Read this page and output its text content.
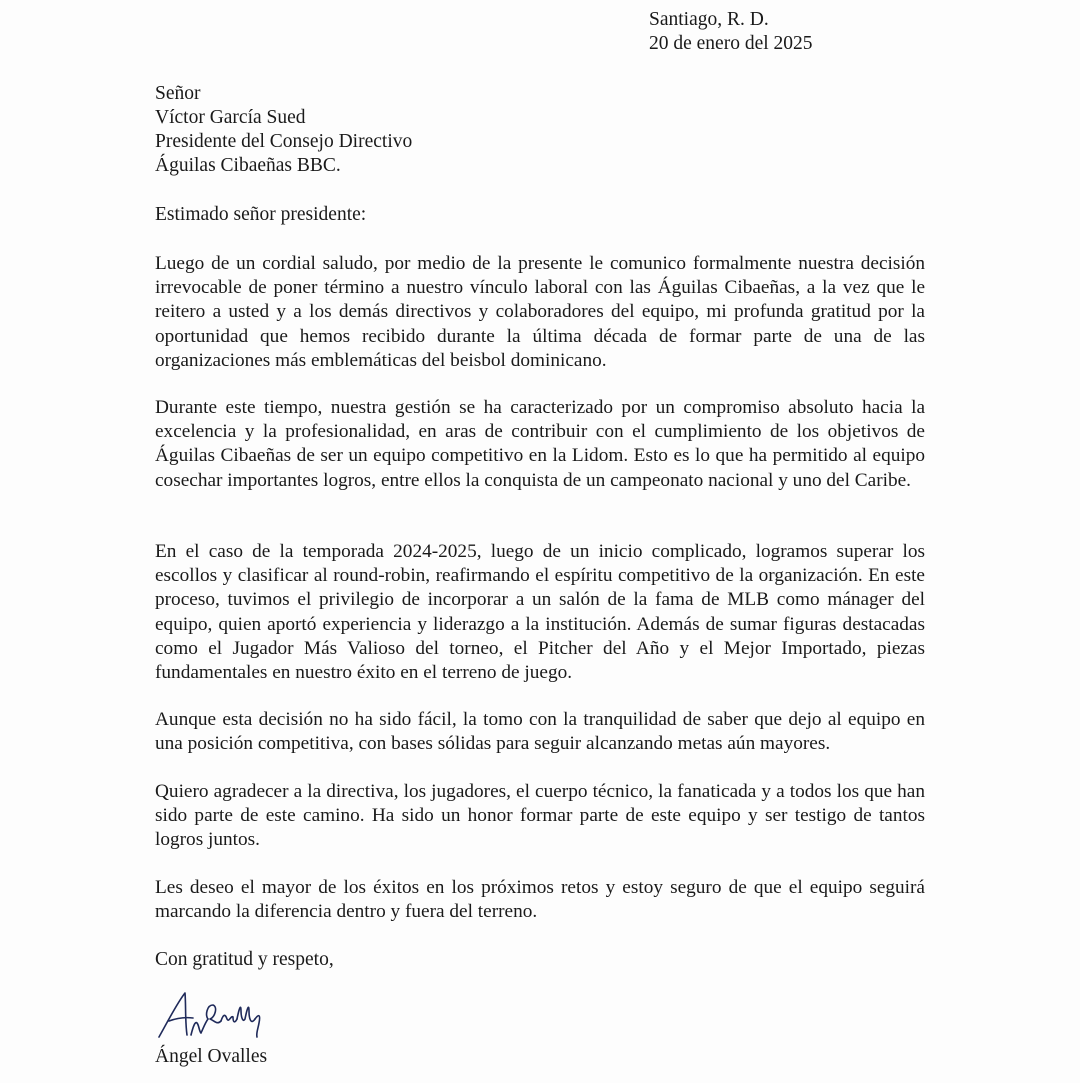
Santiago, R. D.
20 de enero del 2025
Señor
Víctor García Sued
Presidente del Consejo Directivo
Águilas Cibaeñas BBC.

Estimado señor presidente:

Luego de un cordial saludo, por medio de la presente le comunico formalmente nuestra decisión irrevocable de poner término a nuestro vínculo laboral con las Águilas Cibaeñas, a la vez que le reitero a usted y a los demás directivos y colaboradores del equipo, mi profunda gratitud por la oportunidad que hemos recibido durante la última década de formar parte de una de las organizaciones más emblemáticas del beisbol dominicano.

Durante este tiempo, nuestra gestión se ha caracterizado por un compromiso absoluto hacia la excelencia y la profesionalidad, en aras de contribuir con el cumplimiento de los objetivos de Águilas Cibaeñas de ser un equipo competitivo en la Lidom. Esto es lo que ha permitido al equipo cosechar importantes logros, entre ellos la conquista de un campeonato nacional y uno del Caribe.

En el caso de la temporada 2024-2025, luego de un inicio complicado, logramos superar los escollos y clasificar al round-robin, reafirmando el espíritu competitivo de la organización. En este proceso, tuvimos el privilegio de incorporar a un salón de la fama de MLB como mánager del equipo, quien aportó experiencia y liderazgo a la institución. Además de sumar figuras destacadas como el Jugador Más Valioso del torneo, el Pitcher del Año y el Mejor Importado, piezas fundamentales en nuestro éxito en el terreno de juego.

Aunque esta decisión no ha sido fácil, la tomo con la tranquilidad de saber que dejo al equipo en una posición competitiva, con bases sólidas para seguir alcanzando metas aún mayores.

Quiero agradecer a la directiva, los jugadores, el cuerpo técnico, la fanaticada y a todos los que han sido parte de este camino. Ha sido un honor formar parte de este equipo y ser testigo de tantos logros juntos.

Les deseo el mayor de los éxitos en los próximos retos y estoy seguro de que el equipo seguirá marcando la diferencia dentro y fuera del terreno.

Con gratitud y respeto,

Ángel Ovalles
